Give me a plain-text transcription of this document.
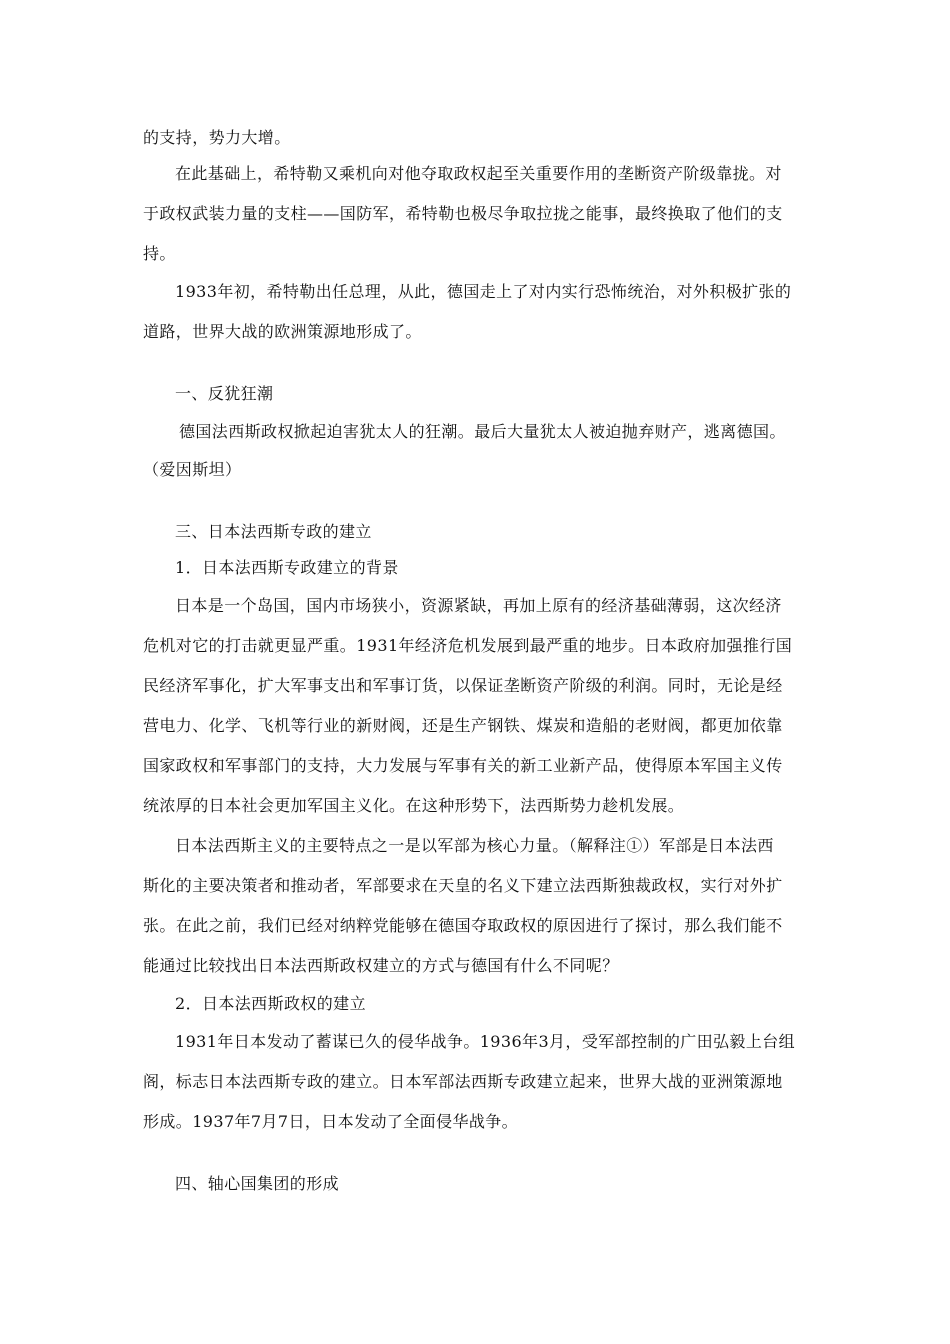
的支持，势力大增。
在此基础上，希特勒又乘机向对他夺取政权起至关重要作用的垄断资产阶级靠拢。对
于政权武装力量的支柱——国防军，希特勒也极尽争取拉拢之能事，最终换取了他们的支
持。
1933年初，希特勒出任总理，从此，德国走上了对内实行恐怖统治，对外积极扩张的
道路，世界大战的欧洲策源地形成了。
一、反犹狂潮
德国法西斯政权掀起迫害犹太人的狂潮。最后大量犹太人被迫抛弃财产，逃离德国。
（爱因斯坦）
三、日本法西斯专政的建立
1．日本法西斯专政建立的背景
日本是一个岛国，国内市场狭小，资源紧缺，再加上原有的经济基础薄弱，这次经济
危机对它的打击就更显严重。1931年经济危机发展到最严重的地步。日本政府加强推行国
民经济军事化，扩大军事支出和军事订货，以保证垄断资产阶级的利润。同时，无论是经
营电力、化学、飞机等行业的新财阀，还是生产钢铁、煤炭和造船的老财阀，都更加依靠
国家政权和军事部门的支持，大力发展与军事有关的新工业新产品，使得原本军国主义传
统浓厚的日本社会更加军国主义化。在这种形势下，法西斯势力趁机发展。
日本法西斯主义的主要特点之一是以军部为核心力量。（解释注①）军部是日本法西
斯化的主要决策者和推动者，军部要求在天皇的名义下建立法西斯独裁政权，实行对外扩
张。在此之前，我们已经对纳粹党能够在德国夺取政权的原因进行了探讨，那么我们能不
能通过比较找出日本法西斯政权建立的方式与德国有什么不同呢？
2．日本法西斯政权的建立
1931年日本发动了蓄谋已久的侵华战争。1936年3月，受军部控制的广田弘毅上台组
阁，标志日本法西斯专政的建立。日本军部法西斯专政建立起来，世界大战的亚洲策源地
形成。1937年7月7日，日本发动了全面侵华战争。
四、轴心国集团的形成
